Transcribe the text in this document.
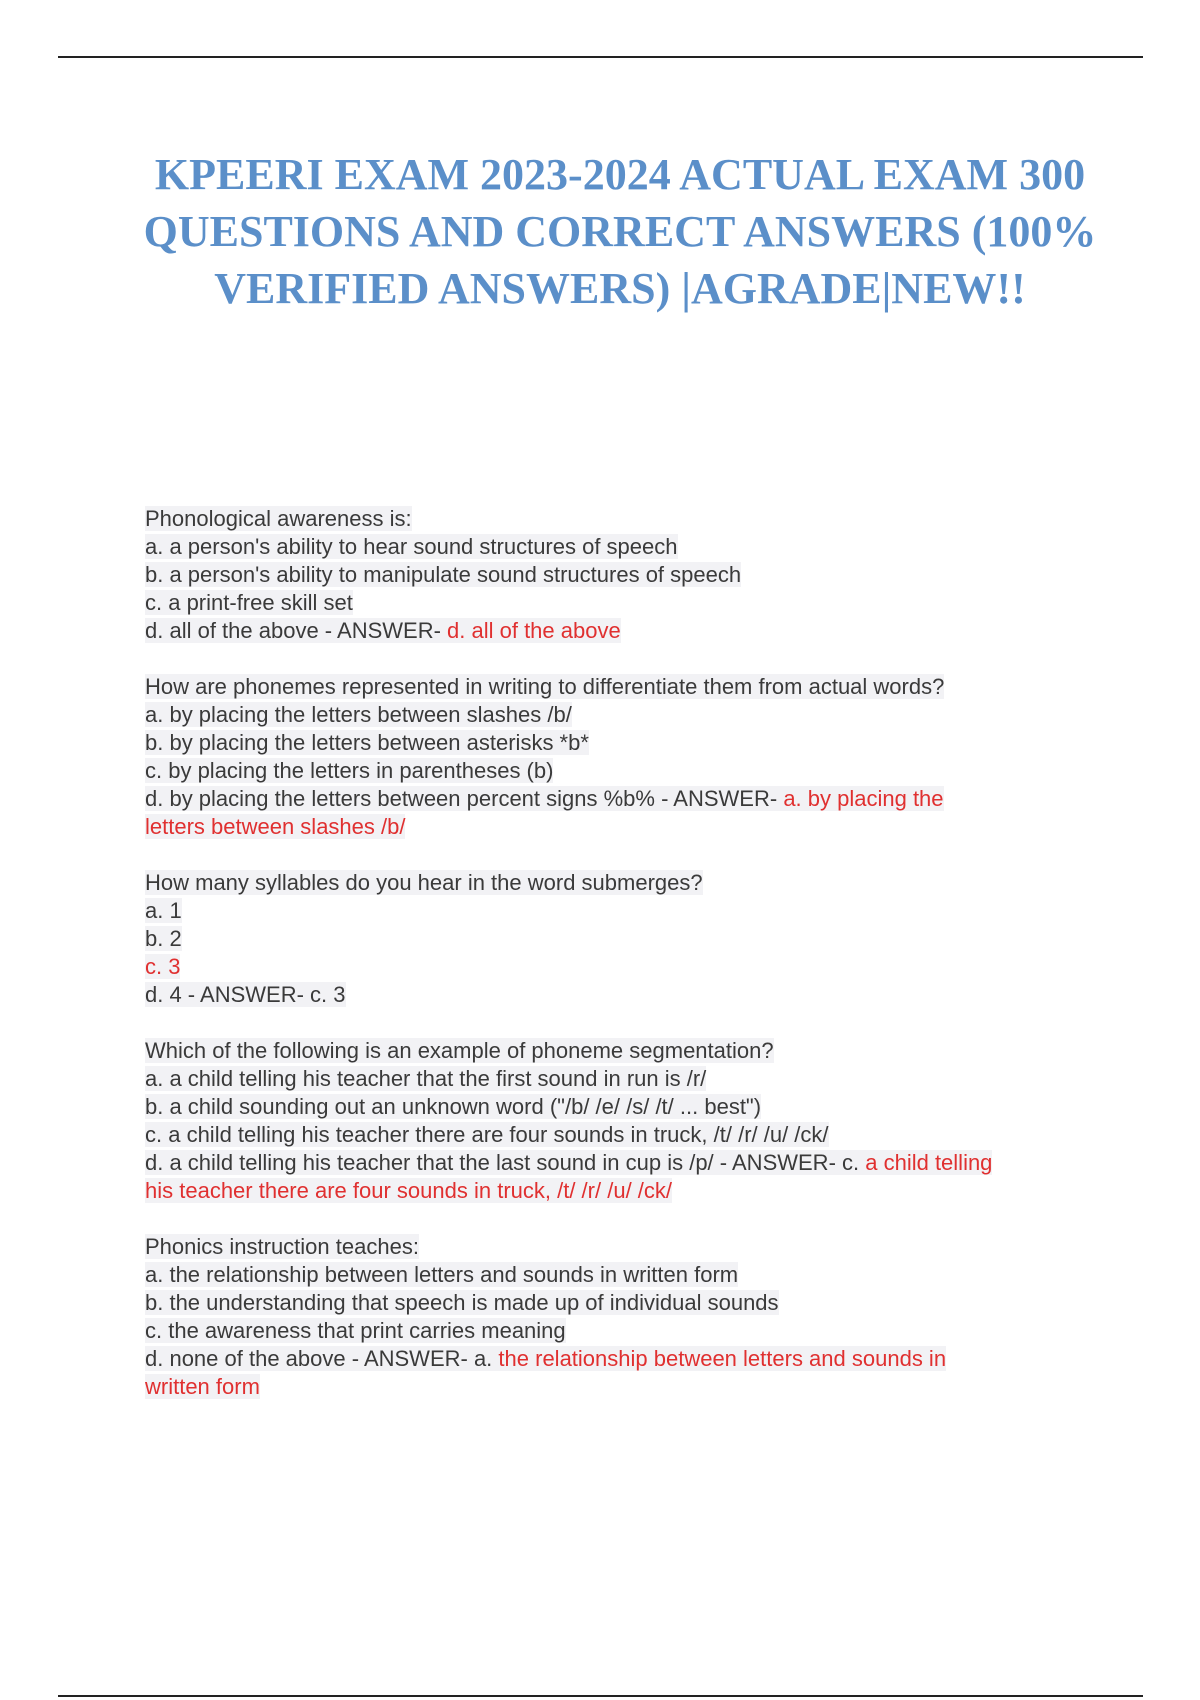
KPEERI EXAM 2023-2024 ACTUAL EXAM 300 QUESTIONS AND CORRECT ANSWERS (100% VERIFIED ANSWERS) |AGRADE|NEW!!
Phonological awareness is:
a. a person's ability to hear sound structures of speech
b. a person's ability to manipulate sound structures of speech
c. a print-free skill set
d. all of the above - ANSWER- d. all of the above
How are phonemes represented in writing to differentiate them from actual words?
a. by placing the letters between slashes /b/
b. by placing the letters between asterisks *b*
c. by placing the letters in parentheses (b)
d. by placing the letters between percent signs %b% - ANSWER- a. by placing the
letters between slashes /b/
How many syllables do you hear in the word submerges?
a. 1
b. 2
c. 3
d. 4 - ANSWER- c. 3
Which of the following is an example of phoneme segmentation?
a. a child telling his teacher that the first sound in run is /r/
b. a child sounding out an unknown word ("/b/ /e/ /s/ /t/ ... best")
c. a child telling his teacher there are four sounds in truck, /t/ /r/ /u/ /ck/
d. a child telling his teacher that the last sound in cup is /p/ - ANSWER- c. a child telling
his teacher there are four sounds in truck, /t/ /r/ /u/ /ck/
Phonics instruction teaches:
a. the relationship between letters and sounds in written form
b. the understanding that speech is made up of individual sounds
c. the awareness that print carries meaning
d. none of the above - ANSWER- a. the relationship between letters and sounds in
written form
